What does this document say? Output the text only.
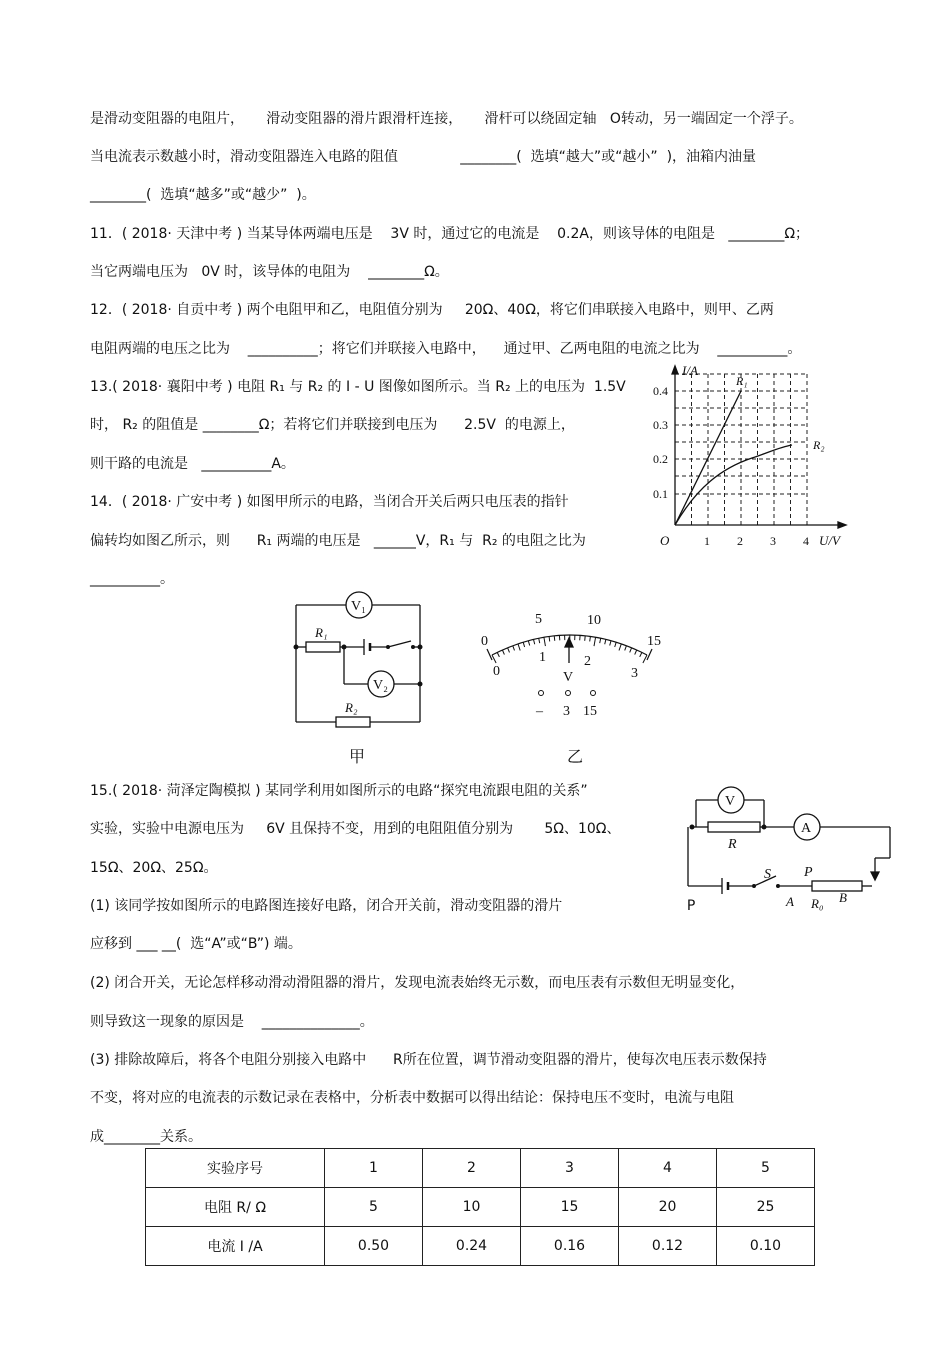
是滑动变阻器的电阻片，     滑动变阻器的滑片跟滑杆连接，     滑杆可以绕固定轴   O转动，另一端固定一个浮子。
当电流表示数越小时，滑动变阻器连入电路的阻值              ________(  选填“越大”或“越小”  )，油箱内油量
________(  选填“越多”或“越少”  )。
11．( 2018· 天津中考 ) 当某导体两端电压是    3V 时，通过它的电流是    0.2A，则该导体的电阻是   ________Ω；
当它两端电压为   0V 时，该导体的电阻为    ________Ω。
12．( 2018· 自贡中考 ) 两个电阻甲和乙，电阻值分别为     20Ω、40Ω，将它们串联接入电路中，则甲、乙两
电阻两端的电压之比为    __________；将它们并联接入电路中，    通过甲、乙两电阻的电流之比为    __________。
13.( 2018· 襄阳中考 ) 电阻 R₁ 与 R₂ 的 I - U 图像如图所示。当 R₂ 上的电压为  1.5V
时， R₂ 的阻值是 ________Ω；若将它们并联接到电压为      2.5V  的电源上，
则干路的电流是   __________A。
14．( 2018· 广安中考 ) 如图甲所示的电路，当闭合开关后两只电压表的指针
偏转均如图乙所示，则      R₁ 两端的电压是   ______V，R₁ 与  R₂ 的电阻之比为
__________。
15.( 2018· 菏泽定陶模拟 ) 某同学利用如图所示的电路“探究电流跟电阻的关系”
实验，实验中电源电压为     6V 且保持不变，用到的电阻阻值分别为       5Ω、10Ω、
15Ω、20Ω、25Ω。
(1) 该同学按如图所示的电路图连接好电路，闭合开关前，滑动变阻器的滑片                            P
应移到 ___ __(  选“A”或“B”) 端。
(2) 闭合开关，无论怎样移动滑动滑阻器的滑片，发现电流表始终无示数，而电压表有示数但无明显变化，
则导致这一现象的原因是    ______________。
(3) 排除故障后，将各个电阻分别接入电路中      R所在位置，调节滑动变阻器的滑片，使每次电压表示数保持
不变，将对应的电流表的示数记录在表格中，分析表中数据可以得出结论：保持电压不变时，电流与电阻
成________关系。
I/A
U/V
O	1 2 3 4
0.1
0.2
0.3
0.4
R₁
R₂
V₁
V₂
R₁
R₂
甲
0
5	10
15
0
1	2
3
V
– 3 15
乙
V
A
R
S P
A R₀ B
实验序号	1	2	3	4	5
电阻 R/ Ω	5	10	15	20	25
电流 I /A	0.50	0.24	0.16	0.12	0.10
